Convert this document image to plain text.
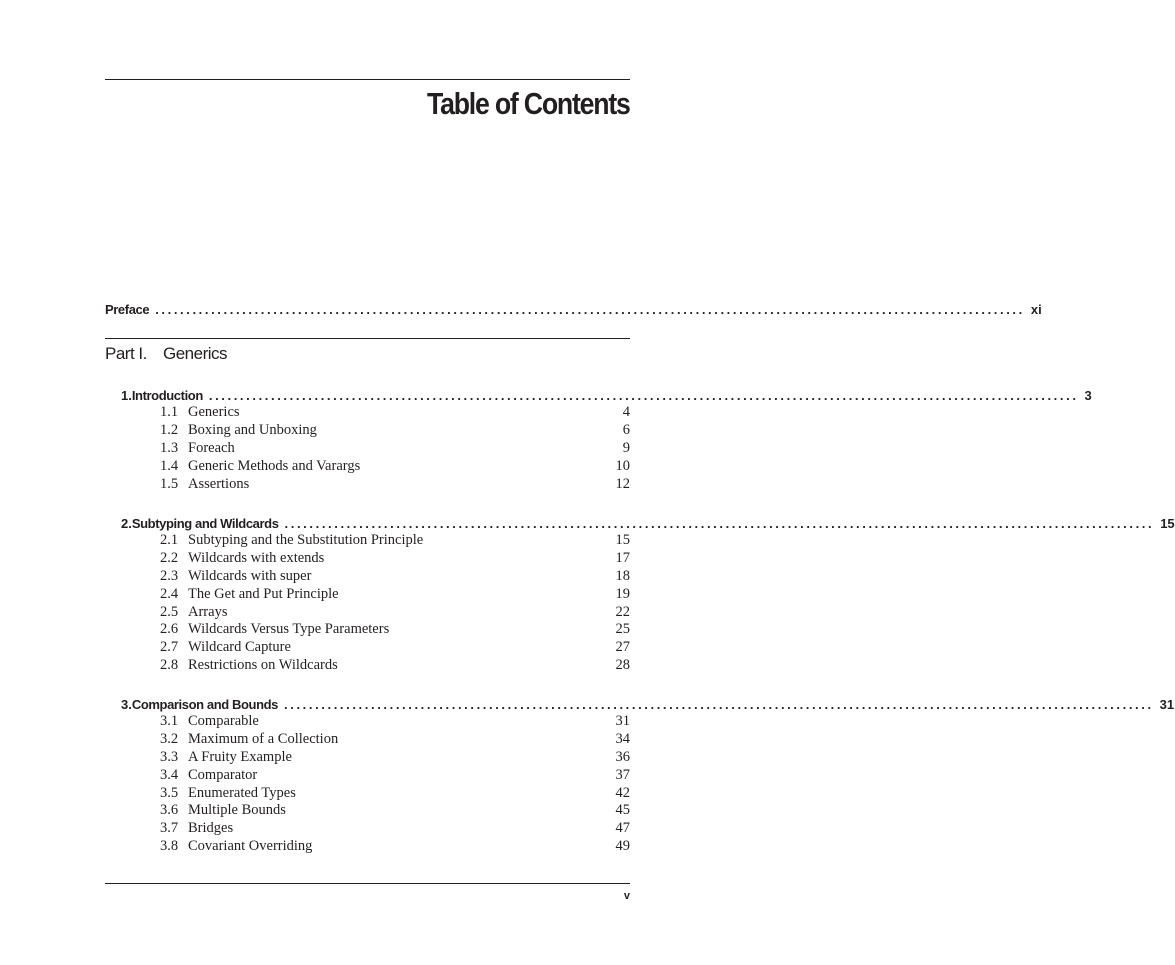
Table of Contents
Preface ............................................................................................................................................ xi
Part I. Generics
1. Introduction ............................................................................................................................................ 3
1.1 Generics	4
1.2 Boxing and Unboxing	6
1.3 Foreach	9
1.4 Generic Methods and Varargs	10
1.5 Assertions	12
2. Subtyping and Wildcards ............................................................................................................................................ 15
2.1 Subtyping and the Substitution Principle	15
2.2 Wildcards with extends	17
2.3 Wildcards with super	18
2.4 The Get and Put Principle	19
2.5 Arrays	22
2.6 Wildcards Versus Type Parameters	25
2.7 Wildcard Capture	27
2.8 Restrictions on Wildcards	28
3. Comparison and Bounds ............................................................................................................................................ 31
3.1 Comparable	31
3.2 Maximum of a Collection	34
3.3 A Fruity Example	36
3.4 Comparator	37
3.5 Enumerated Types	42
3.6 Multiple Bounds	45
3.7 Bridges	47
3.8 Covariant Overriding	49
v
